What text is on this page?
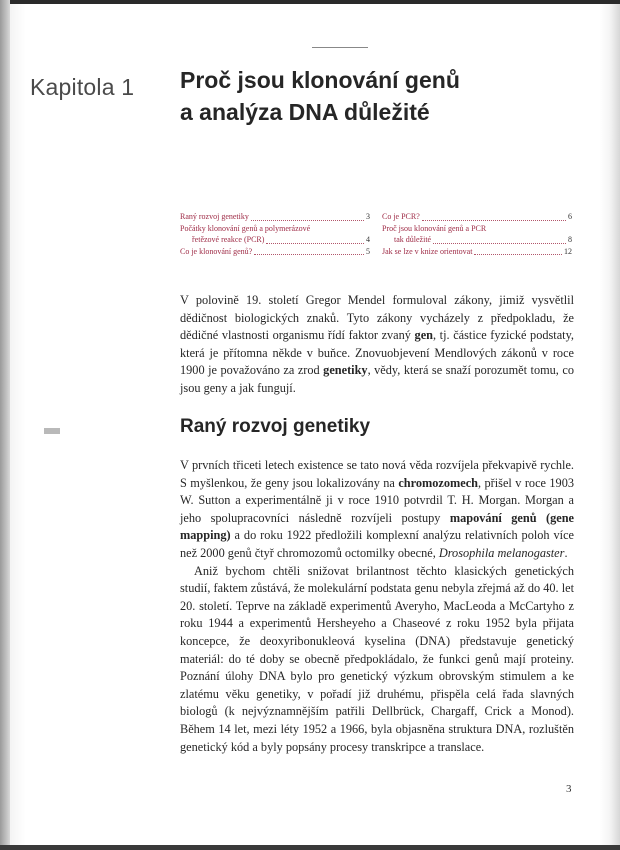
Kapitola 1	Proč jsou klonování genů
a analýza DNA důležité
Raný rozvoj genetiky	3
Počátky klonování genů a polymerázové
řetězové reakce (PCR)	4
Co je klonování genů?	5
Co je PCR?	6
Proč jsou klonování genů a PCR
tak důležité	8
Jak se lze v knize orientovat	12
V polovině 19. století Gregor Mendel formuloval zákony, jimiž vysvětlil dědičnost biologických znaků. Tyto zákony vycházely z předpokladu, že dědičné vlastnosti organismu řídí faktor zvaný gen, tj. částice fyzické podstaty, která je přítomna někde v buňce. Znovuobjevení Mendlových zákonů v roce 1900 je považováno za zrod genetiky, vědy, která se snaží porozumět tomu, co jsou geny a jak fungují.
Raný rozvoj genetiky

V prvních třiceti letech existence se tato nová věda rozvíjela překvapivě rychle. S myšlenkou, že geny jsou lokalizovány na chromozomech, přišel v roce 1903 W. Sutton a experimentálně ji v roce 1910 potvrdil T. H. Morgan. Morgan a jeho spolupracovníci následně rozvíjeli postupy mapování genů (gene mapping) a do roku 1922 předložili komplexní analýzu relativních poloh více než 2000 genů čtyř chromozomů octomilky obecné, Drosophila melanogaster.

Aniž bychom chtěli snižovat brilantnost těchto klasických genetických studií, faktem zůstává, že molekulární podstata genu nebyla zřejmá až do 40. let 20. století. Teprve na základě experimentů Averyho, MacLeoda a McCartyho z roku 1944 a experimentů Hersheyeho a Chaseové z roku 1952 byla přijata koncepce, že deoxyribonukleová kyselina (DNA) představuje genetický materiál: do té doby se obecně předpokládalo, že funkci genů mají proteiny. Poznání úlohy DNA bylo pro genetický výzkum obrovským stimulem a ke zlatému věku genetiky, v pořadí již druhému, přispěla celá řada slavných biologů (k nejvýznamnějším patřili Dellbrück, Chargaff, Crick a Monod). Během 14 let, mezi léty 1952 a 1966, byla objasněna struktura DNA, rozluštěn genetický kód a byly popsány procesy transkripce a translace.

3
